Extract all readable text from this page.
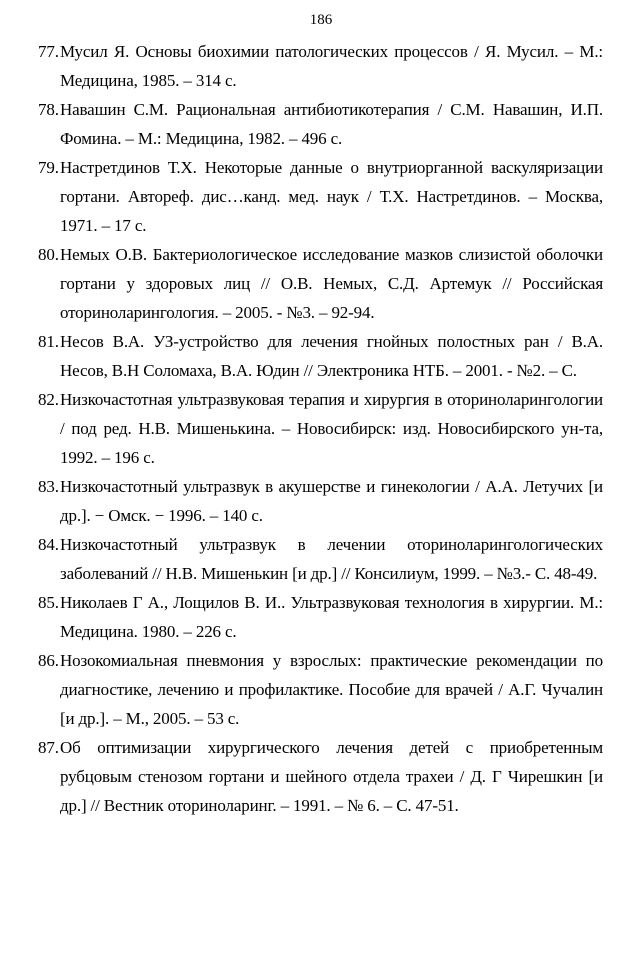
186
77. Мусил Я. Основы биохимии патологических процессов / Я. Мусил. – М.: Медицина, 1985. – 314 с.
78. Навашин С.М. Рациональная антибиотикотерапия / С.М. Навашин, И.П. Фомина. – М.: Медицина, 1982. – 496 с.
79. Настретдинов Т.Х. Некоторые данные о внутриорганной васкуляризации гортани. Автореф. дис…канд. мед. наук / Т.Х. Настретдинов. – Москва, 1971. – 17 с.
80. Немых О.В. Бактериологическое исследование мазков слизистой оболочки гортани у здоровых лиц // О.В. Немых, С.Д. Артемук // Российская оториноларингология. – 2005. - №3. – 92-94.
81. Несов В.А. УЗ-устройство для лечения гнойных полостных ран / В.А. Несов, В.Н Соломаха, В.А. Юдин // Электроника НТБ. – 2001. - №2. – С.
82. Низкочастотная ультразвуковая терапия и хирургия в оториноларингологии / под ред. Н.В. Мишенькина. – Новосибирск: изд. Новосибирского ун-та, 1992. – 196 с.
83. Низкочастотный ультразвук в акушерстве и гинекологии / А.А. Летучих [и др.]. − Омск. − 1996. – 140 с.
84. Низкочастотный ультразвук в лечении оториноларингологических заболеваний // Н.В. Мишенькин [и др.] // Консилиум, 1999. – №3.- С. 48-49.
85. Николаев Г А., Лощилов В. И.. Ультразвуковая технология в хирургии. М.: Медицина. 1980. – 226 с.
86. Нозокомиальная пневмония у взрослых: практические рекомендации по диагностике, лечению и профилактике. Пособие для врачей / А.Г. Чучалин [и др.]. – М., 2005. – 53 с.
87. Об оптимизации хирургического лечения детей с приобретенным рубцовым стенозом гортани и шейного отдела трахеи / Д. Г Чирешкин [и др.] // Вестник оториноларинг. – 1991. – № 6. – С. 47-51.
